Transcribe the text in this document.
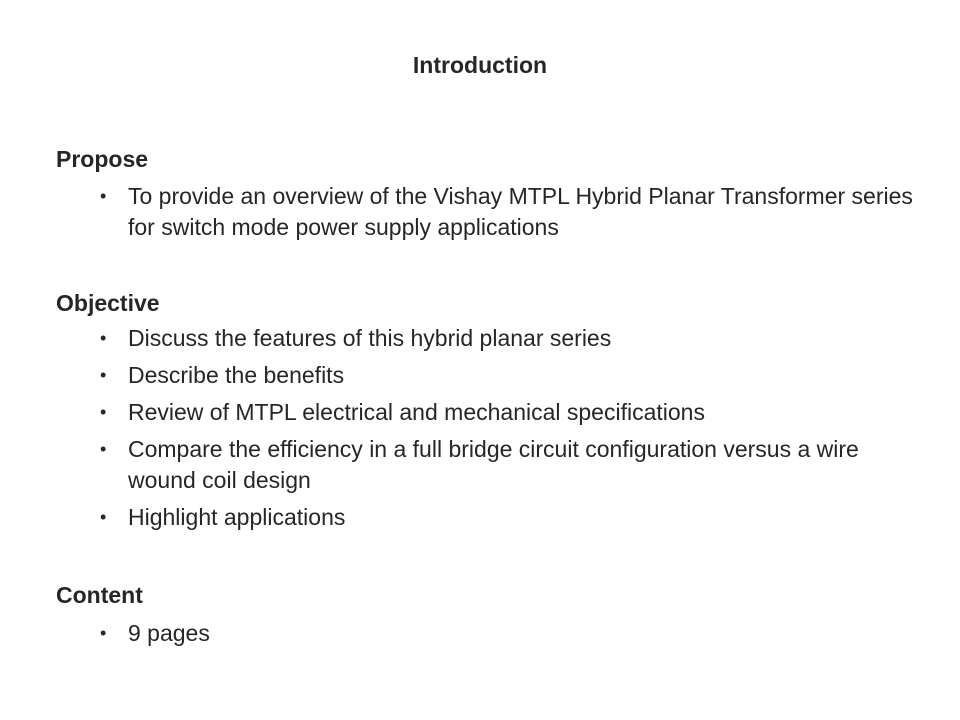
Introduction
Propose
• To provide an overview of the Vishay MTPL Hybrid Planar Transformer series for switch mode power supply applications
Objective
• Discuss the features of this hybrid planar series
• Describe the benefits
• Review of MTPL electrical and mechanical specifications
• Compare the efficiency in a full bridge circuit configuration versus a wire wound coil design
• Highlight applications
Content
• 9 pages
